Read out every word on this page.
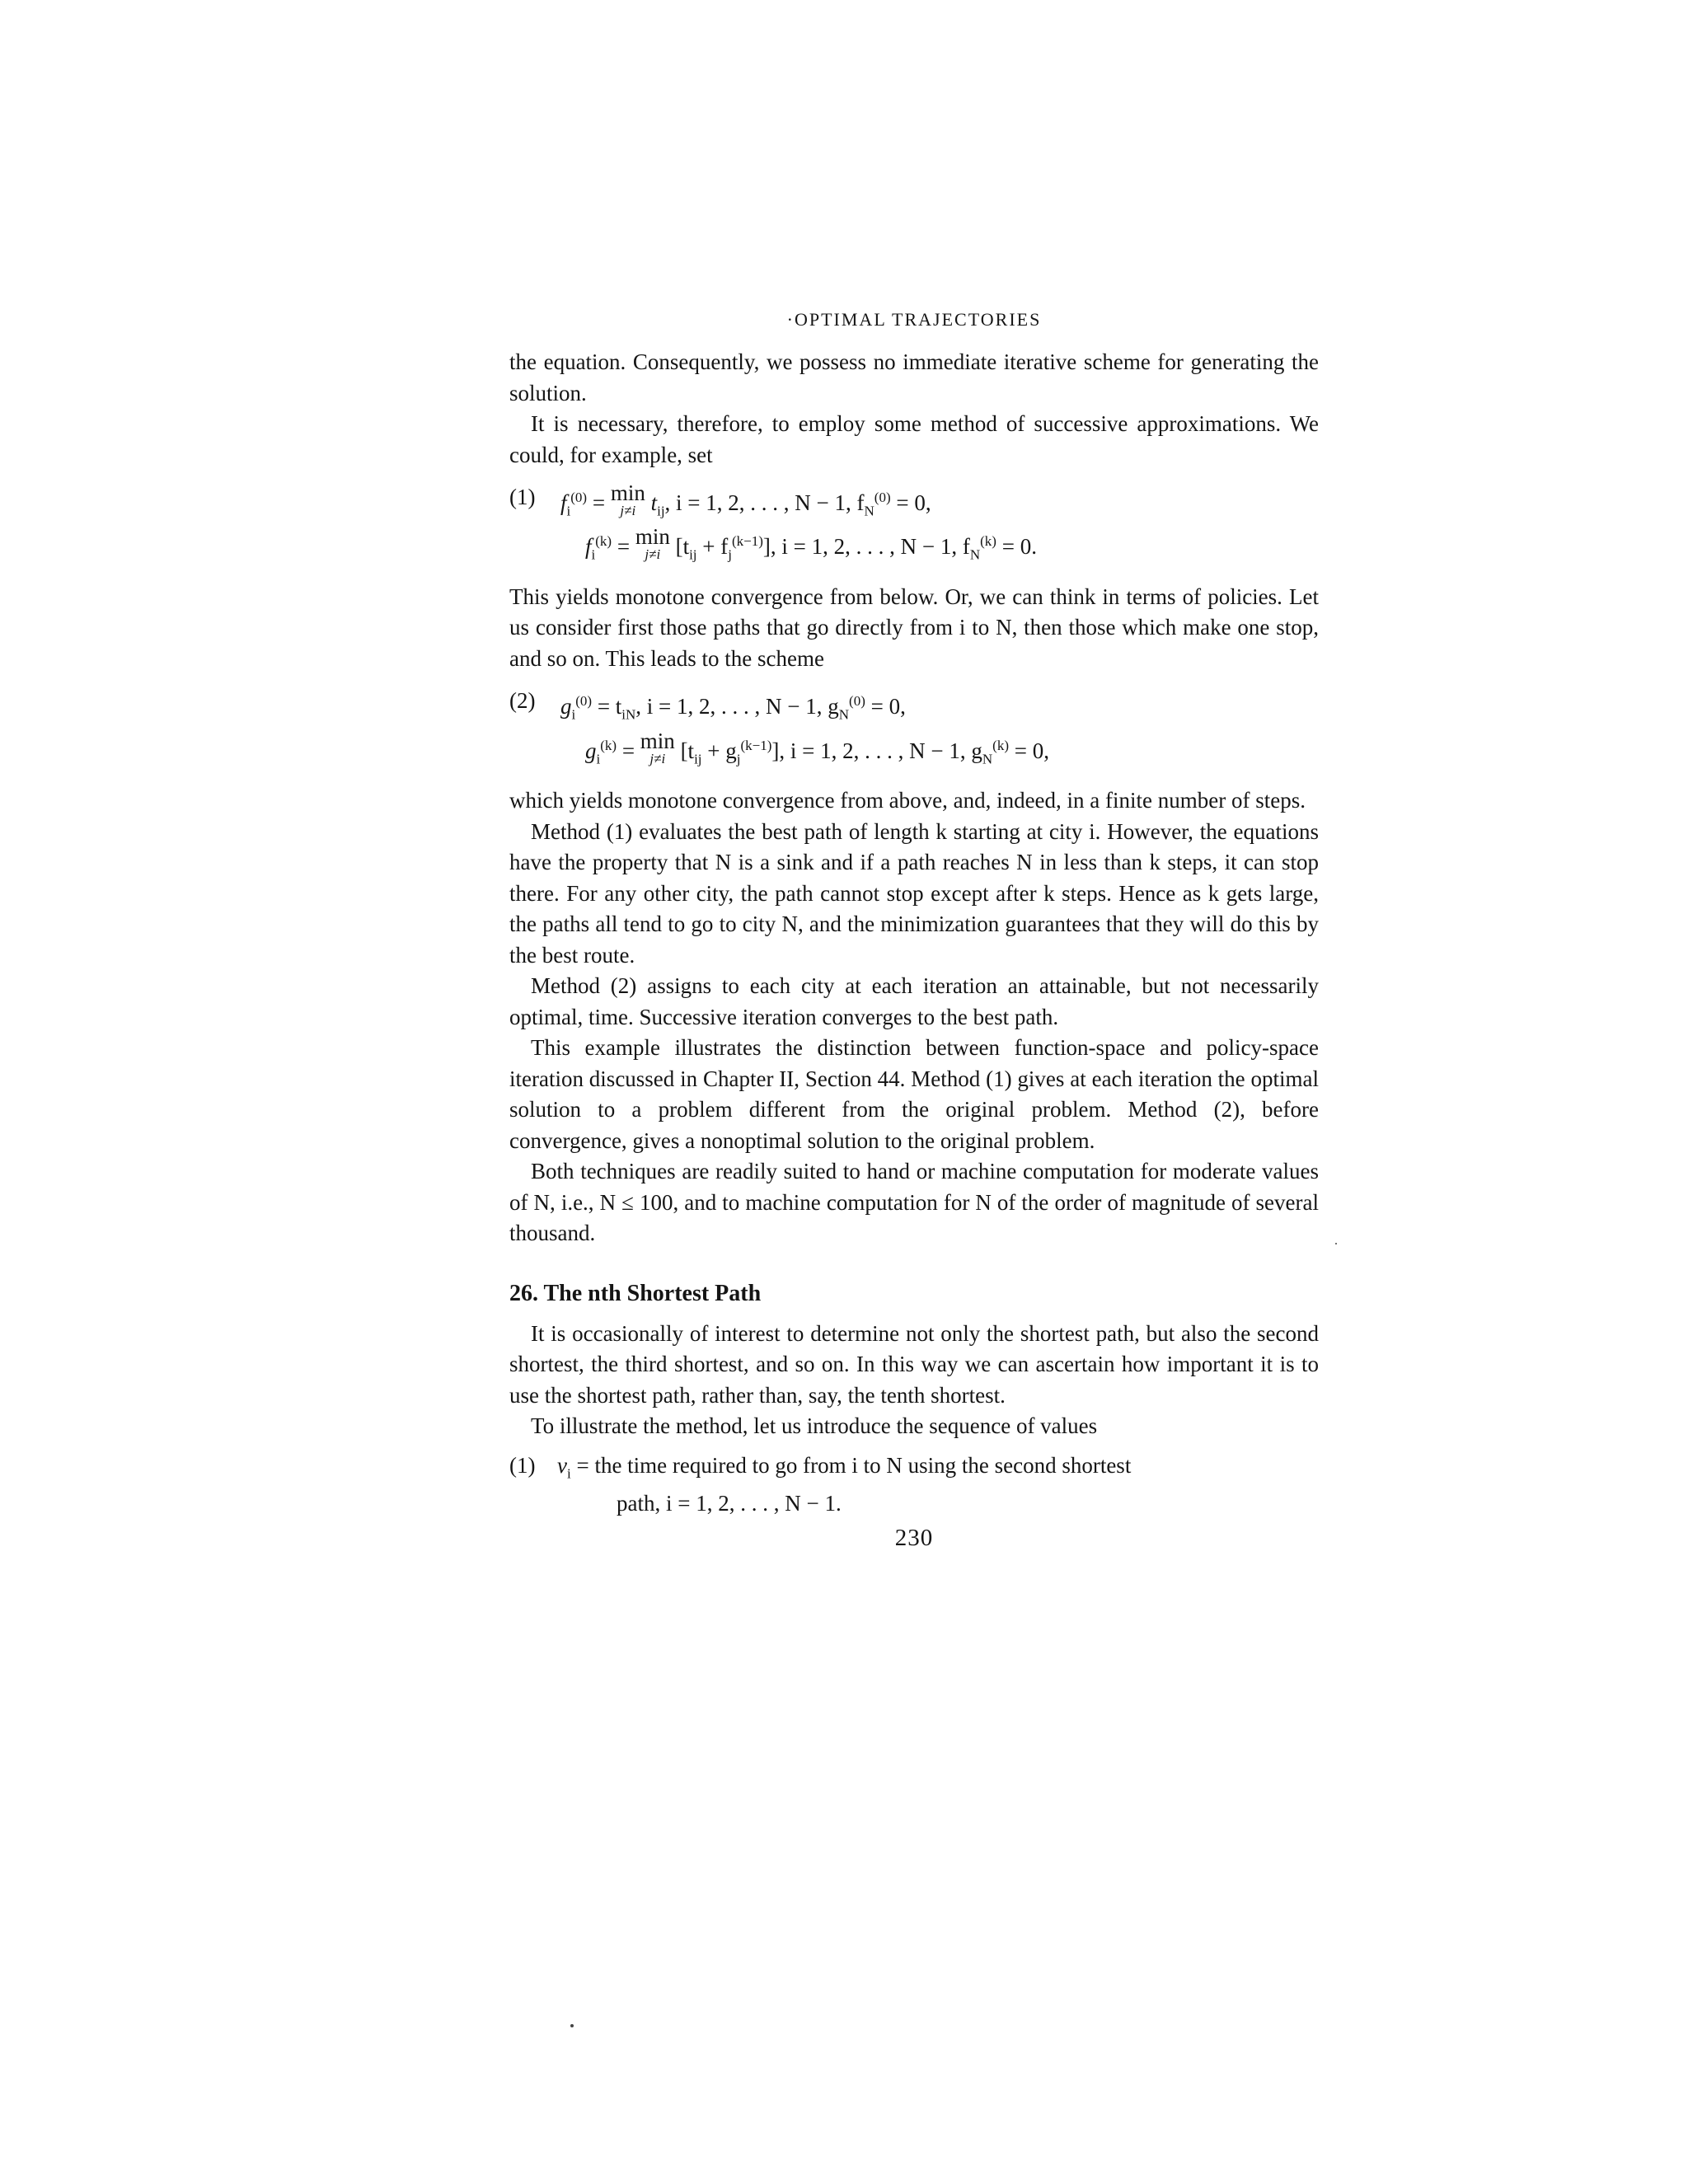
·OPTIMAL TRAJECTORIES

the equation. Consequently, we possess no immediate iterative scheme for generating the solution.

It is necessary, therefore, to employ some method of successive approximations. We could, for example, set

(1)	$f_i^{(0)} = \min$
j≠i $t_{ij}$, i = 1, 2, . . . , N − 1, $f_N^{(0)} = 0$,
$f_i^{(k)} = \min$
j≠i $[t_{ij} + f_j^{(k-1)}]$, i = 1, 2, . . . , N − 1, $f_N^{(k)} = 0$.

This yields monotone convergence from below. Or, we can think in terms of policies. Let us consider first those paths that go directly from i to N, then those which make one stop, and so on. This leads to the scheme

(2)	$g_i^{(0)} = t_{iN}$, i = 1, 2, . . . , N − 1, $g_N^{(0)} = 0$,
$g_i^{(k)} = \min$
j≠i $[t_{ij} + g_j^{(k-1)}]$, i = 1, 2, . . . , N − 1, $g_N^{(k)} = 0$,

which yields monotone convergence from above, and, indeed, in a finite number of steps.

Method (1) evaluates the best path of length k starting at city i. However, the equations have the property that N is a sink and if a path reaches N in less than k steps, it can stop there. For any other city, the path cannot stop except after k steps. Hence as k gets large, the paths all tend to go to city N, and the minimization guarantees that they will do this by the best route.

Method (2) assigns to each city at each iteration an attainable, but not necessarily optimal, time. Successive iteration converges to the best path.

This example illustrates the distinction between function-space and policy-space iteration discussed in Chapter II, Section 44. Method (1) gives at each iteration the optimal solution to a problem different from the original problem. Method (2), before convergence, gives a nonoptimal solution to the original problem.

Both techniques are readily suited to hand or machine computation for moderate values of N, i.e., N ≤ 100, and to machine computation for N of the order of magnitude of several thousand.

26. The nth Shortest Path

It is occasionally of interest to determine not only the shortest path, but also the second shortest, the third shortest, and so on. In this way we can ascertain how important it is to use the shortest path, rather than, say, the tenth shortest.

To illustrate the method, let us introduce the sequence of values

(1) $v_i$ = the time required to go from i to N using the second shortest
path, i = 1, 2, . . . , N − 1.
230
